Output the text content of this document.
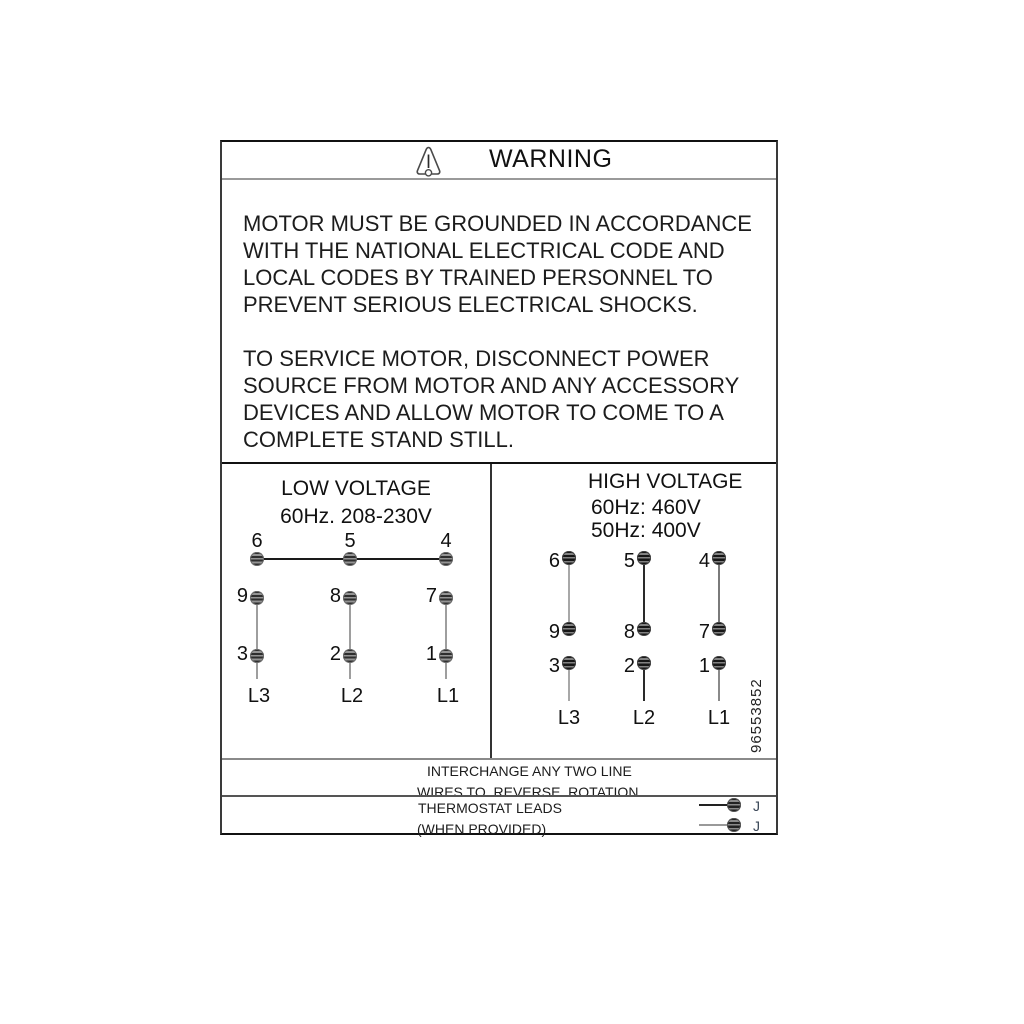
WARNING

MOTOR MUST BE GROUNDED IN ACCORDANCE
WITH THE NATIONAL ELECTRICAL CODE AND
LOCAL CODES BY TRAINED PERSONNEL TO
PREVENT SERIOUS ELECTRICAL SHOCKS.

TO SERVICE MOTOR, DISCONNECT POWER
SOURCE FROM MOTOR AND ANY ACCESSORY
DEVICES AND ALLOW MOTOR TO COME TO A
COMPLETE STAND STILL.

LOW VOLTAGE
60Hz. 208-230V
6	5	4
9	8	7
3	2	1
L3	L2	L1
HIGH VOLTAGE
60Hz: 460V
50Hz: 400V
6	5	4
9	8	7
3	2	1
L3	L2	L1	96553852
INTERCHANGE ANY TWO LINE
WIRES TO  REVERSE  ROTATION
THERMOSTAT LEADS
(WHEN PROVIDED)
J
J
